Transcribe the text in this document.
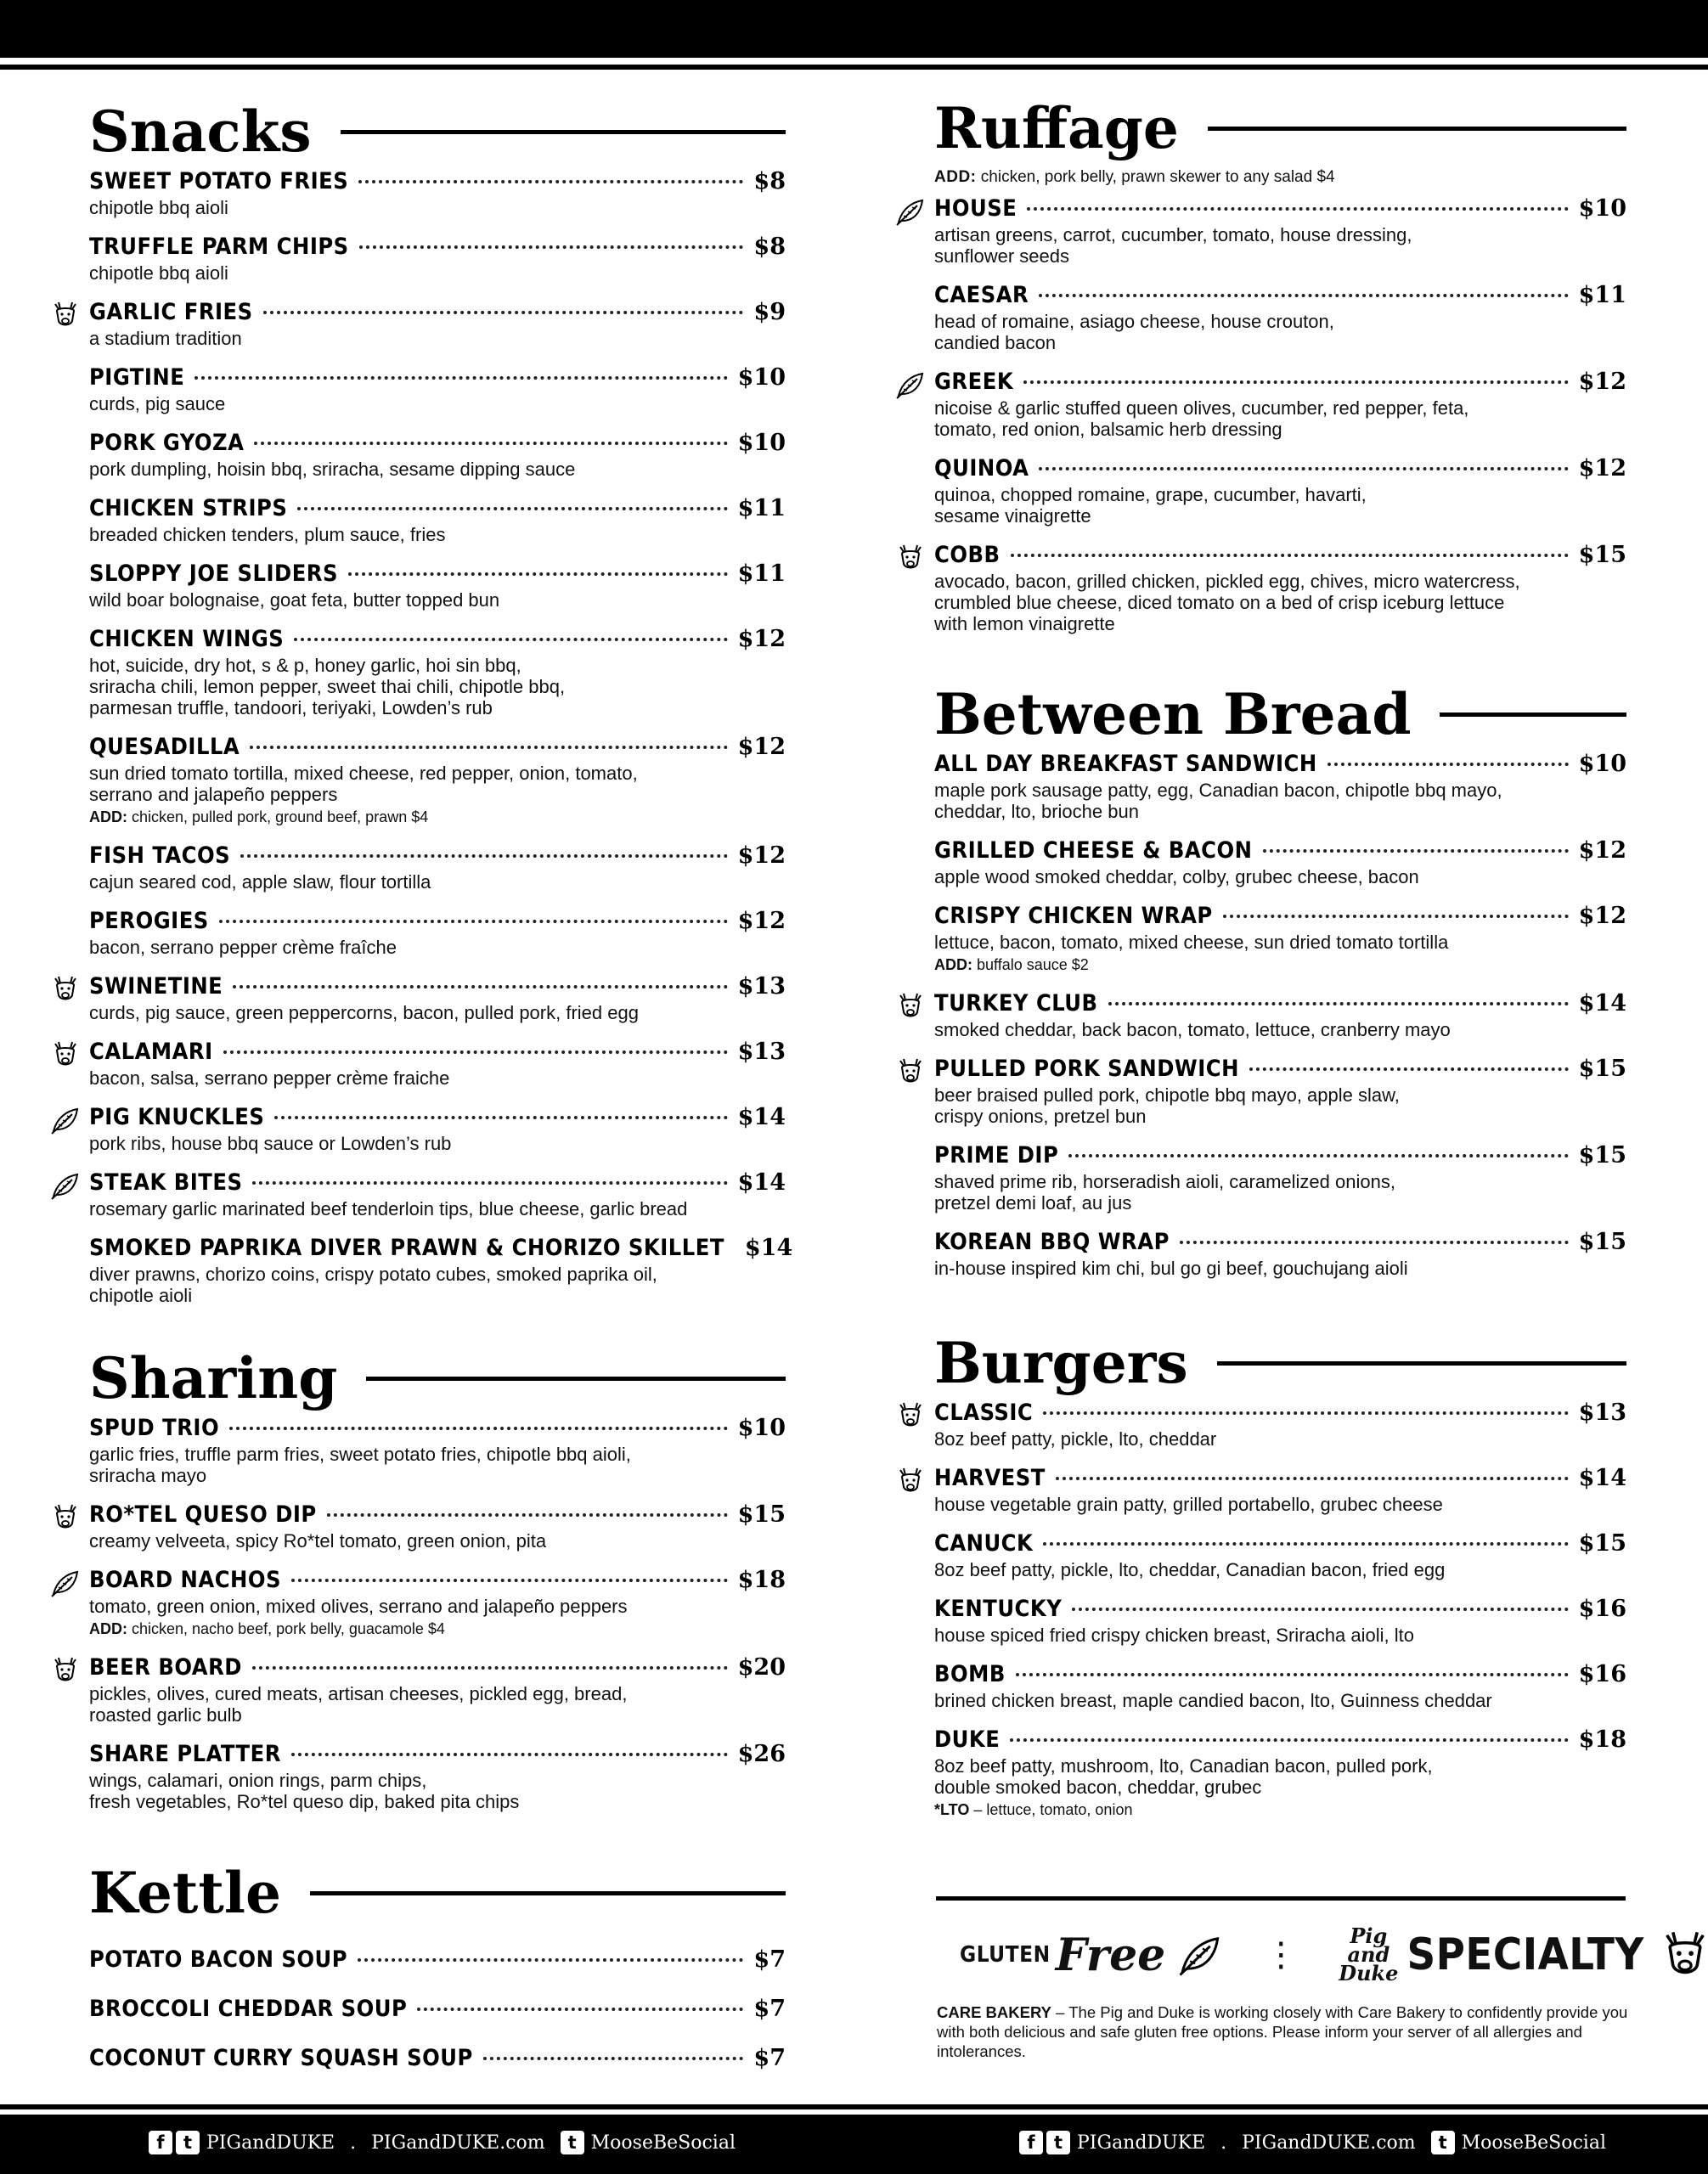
Snacks
SWEET POTATO FRIES	$8
chipotle bbq aioli
TRUFFLE PARM CHIPS	$8
chipotle bbq aioli
GARLIC FRIES	$9
a stadium tradition
PIGTINE	$10
curds, pig sauce
PORK GYOZA	$10
pork dumpling, hoisin bbq, sriracha, sesame dipping sauce
CHICKEN STRIPS	$11
breaded chicken tenders, plum sauce, fries
SLOPPY JOE SLIDERS	$11
wild boar bolognaise, goat feta, butter topped bun
CHICKEN WINGS	$12
hot, suicide, dry hot, s & p, honey garlic, hoi sin bbq,
sriracha chili, lemon pepper, sweet thai chili, chipotle bbq,
parmesan truffle, tandoori, teriyaki, Lowden’s rub
QUESADILLA	$12
sun dried tomato tortilla, mixed cheese, red pepper, onion, tomato,
serrano and jalapeño peppers
ADD: chicken, pulled pork, ground beef, prawn $4
FISH TACOS	$12
cajun seared cod, apple slaw, flour tortilla
PEROGIES	$12
bacon, serrano pepper crème fraîche
SWINETINE	$13
curds, pig sauce, green peppercorns, bacon, pulled pork, fried egg
CALAMARI	$13
bacon, salsa, serrano pepper crème fraiche
PIG KNUCKLES	$14
pork ribs, house bbq sauce or Lowden’s rub
STEAK BITES	$14
rosemary garlic marinated beef tenderloin tips, blue cheese, garlic bread
SMOKED PAPRIKA DIVER PRAWN & CHORIZO SKILLET $14
diver prawns, chorizo coins, crispy potato cubes, smoked paprika oil,
chipotle aioli
Sharing
SPUD TRIO	$10
garlic fries, truffle parm fries, sweet potato fries, chipotle bbq aioli,
sriracha mayo
RO*TEL QUESO DIP	$15
creamy velveeta, spicy Ro*tel tomato, green onion, pita
BOARD NACHOS	$18
tomato, green onion, mixed olives, serrano and jalapeño peppers
ADD: chicken, nacho beef, pork belly, guacamole $4
BEER BOARD	$20
pickles, olives, cured meats, artisan cheeses, pickled egg, bread,
roasted garlic bulb
SHARE PLATTER	$26
wings, calamari, onion rings, parm chips,
fresh vegetables, Ro*tel queso dip, baked pita chips
Kettle
POTATO BACON SOUP	$7
BROCCOLI CHEDDAR SOUP	$7
COCONUT CURRY SQUASH SOUP	$7
Ruffage
ADD: chicken, pork belly, prawn skewer to any salad $4
HOUSE	$10
artisan greens, carrot, cucumber, tomato, house dressing,
sunflower seeds
CAESAR	$11
head of romaine, asiago cheese, house crouton,
candied bacon
GREEK	$12
nicoise & garlic stuffed queen olives, cucumber, red pepper, feta,
tomato, red onion, balsamic herb dressing
QUINOA	$12
quinoa, chopped romaine, grape, cucumber, havarti,
sesame vinaigrette
COBB	$15
avocado, bacon, grilled chicken, pickled egg, chives, micro watercress,
crumbled blue cheese, diced tomato on a bed of crisp iceburg lettuce
with lemon vinaigrette
Between Bread
ALL DAY BREAKFAST SANDWICH	$10
maple pork sausage patty, egg, Canadian bacon, chipotle bbq mayo,
cheddar, lto, brioche bun
GRILLED CHEESE & BACON	$12
apple wood smoked cheddar, colby, grubec cheese, bacon
CRISPY CHICKEN WRAP	$12
lettuce, bacon, tomato, mixed cheese, sun dried tomato tortilla
ADD: buffalo sauce $2
TURKEY CLUB	$14
smoked cheddar, back bacon, tomato, lettuce, cranberry mayo
PULLED PORK SANDWICH	$15
beer braised pulled pork, chipotle bbq mayo, apple slaw,
crispy onions, pretzel bun
PRIME DIP	$15
shaved prime rib, horseradish aioli, caramelized onions,
pretzel demi loaf, au jus
KOREAN BBQ WRAP	$15
in-house inspired kim chi, bul go gi beef, gouchujang aioli
Burgers
CLASSIC	$13
8oz beef patty, pickle, lto, cheddar
HARVEST	$14
house vegetable grain patty, grilled portabello, grubec cheese
CANUCK	$15
8oz beef patty, pickle, lto, cheddar, Canadian bacon, fried egg
KENTUCKY	$16
house spiced fried crispy chicken breast, Sriracha aioli, lto
BOMB	$16
brined chicken breast, maple candied bacon, lto, Guinness cheddar
DUKE	$18
8oz beef patty, mushroom, lto, Canadian bacon, pulled pork,
double smoked bacon, cheddar, grubec
*LTO – lettuce, tomato, onion
GLUTEN Free	⋮
Pig and
Duke SPECIALTY
CARE BAKERY – The Pig and Duke is working closely with Care Bakery to confidently provide you with both delicious and safe gluten free options. Please inform your server of all allergies and intolerances.
f	t PIGandDUKE . PIGandDUKE.com	t MooseBeSocial	f	t PIGandDUKE . PIGandDUKE.com	t MooseBeSocial
